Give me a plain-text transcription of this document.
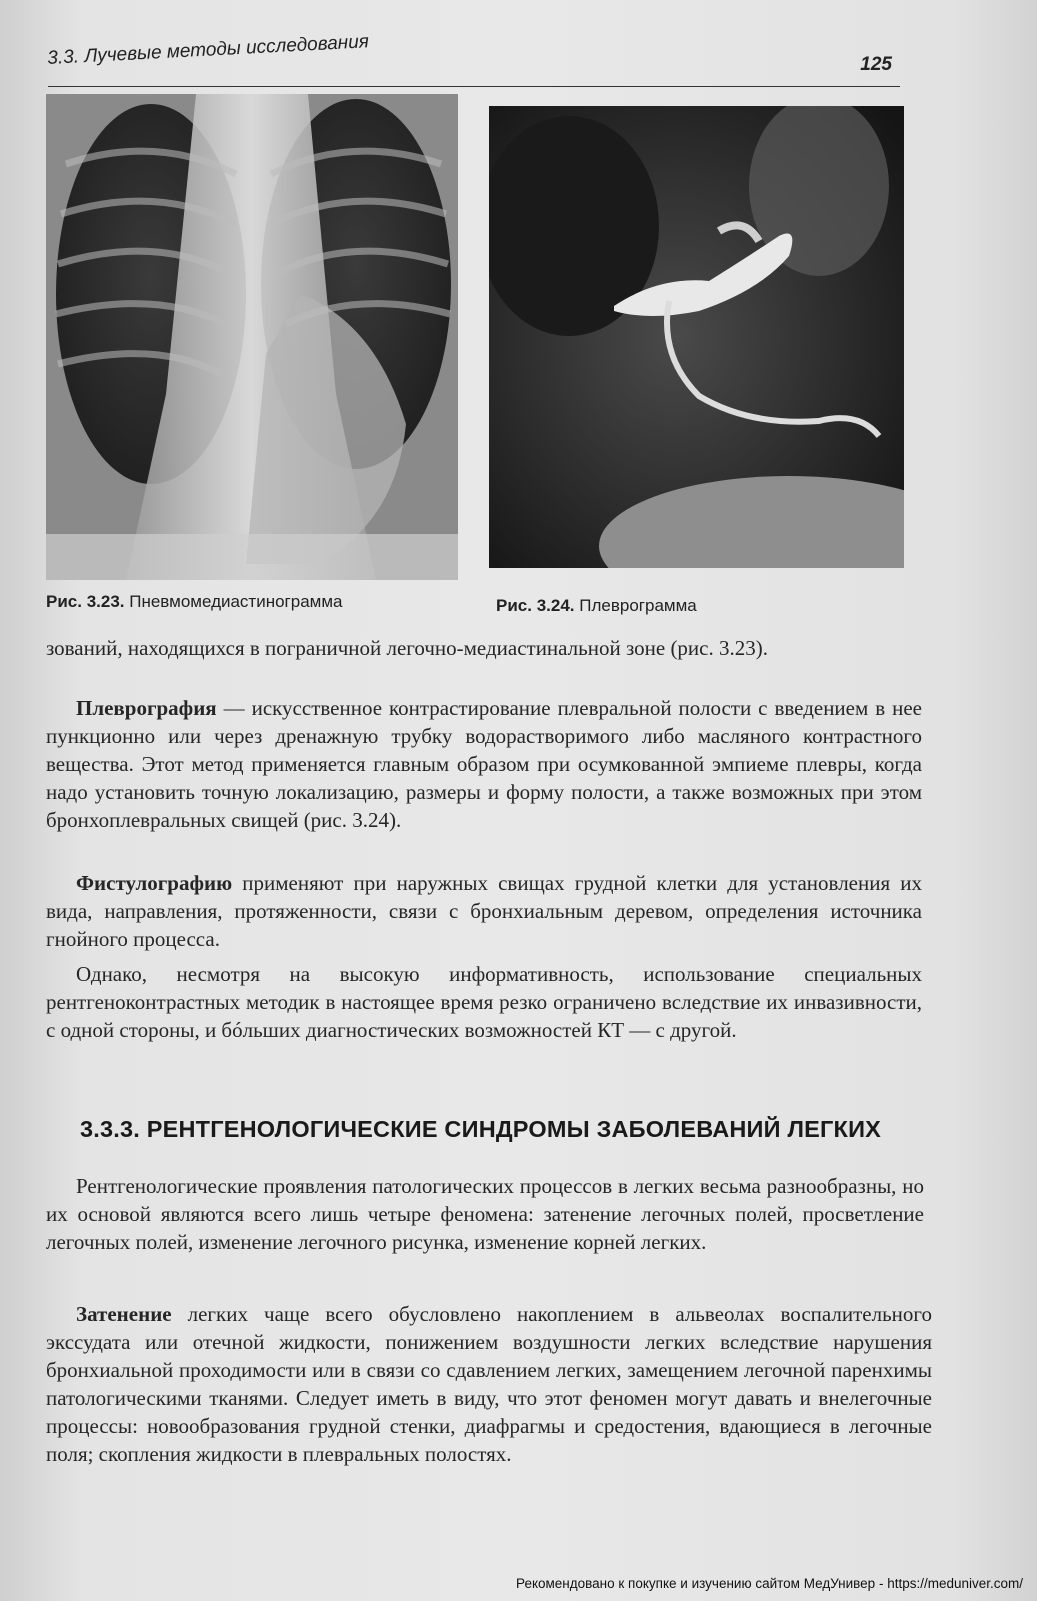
3.3. Лучевые методы исследования	125
Рис. 3.23. Пневмомедиастинограмма	Рис. 3.24. Плеврограмма

зований, находящихся в пограничной легочно-медиастинальной зоне (рис. 3.23).

Плеврография — искусственное контрастирование плевральной полости с введением в нее пункционно или через дренажную трубку водорастворимого либо масляного контрастного вещества. Этот метод применяется главным образом при осумкованной эмпиеме плевры, когда надо установить точную локализацию, размеры и форму полости, а также возможных при этом бронхоплевральных свищей (рис. 3.24).

Фистулографию применяют при наружных свищах грудной клетки для установления их вида, направления, протяженности, связи с бронхиальным деревом, определения источника гнойного процесса.

Однако, несмотря на высокую информативность, использование специальных рентгеноконтрастных методик в настоящее время резко ограничено вследствие их инвазивности, с одной стороны, и бóльших диагностических возможностей КТ — с другой.

3.3.3. РЕНТГЕНОЛОГИЧЕСКИЕ СИНДРОМЫ ЗАБОЛЕВАНИЙ ЛЕГКИХ

Рентгенологические проявления патологических процессов в легких весьма разнообразны, но их основой являются всего лишь четыре феномена: затенение легочных полей, просветление легочных полей, изменение легочного рисунка, изменение корней легких.

Затенение легких чаще всего обусловлено накоплением в альвеолах воспалительного экссудата или отечной жидкости, понижением воздушности легких вследствие нарушения бронхиальной проходимости или в связи со сдавлением легких, замещением легочной паренхимы патологическими тканями. Следует иметь в виду, что этот феномен могут давать и внелегочные процессы: новообразования грудной стенки, диафрагмы и средостения, вдающиеся в легочные поля; скопления жидкости в плевральных полостях.

Рекомендовано к покупке и изучению сайтом МедУнивер - https://meduniver.com/
